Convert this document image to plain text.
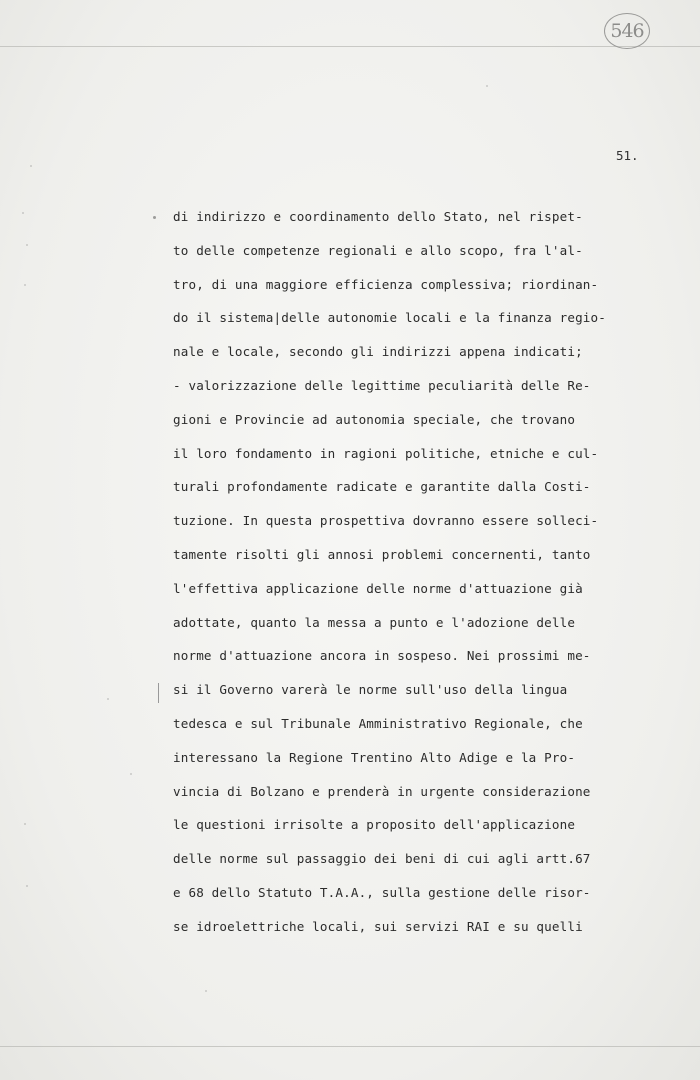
546
51.
di indirizzo e coordinamento dello Stato, nel rispet-
to delle competenze regionali e allo scopo, fra l'al-
tro, di una maggiore efficienza complessiva; riordinan-
do il sistema|delle autonomie locali e la finanza regio-
nale e locale, secondo gli indirizzi appena indicati;
- valorizzazione delle legittime peculiarità delle Re-
gioni e Provincie ad autonomia speciale, che trovano
il loro fondamento in ragioni politiche, etniche e cul-
turali profondamente radicate e garantite dalla Costi-
tuzione. In questa prospettiva dovranno essere solleci-
tamente risolti gli annosi problemi concernenti, tanto
l'effettiva applicazione delle norme d'attuazione già
adottate, quanto la messa a punto e l'adozione delle
norme d'attuazione ancora in sospeso. Nei prossimi me-
si il Governo varerà le norme sull'uso della lingua
tedesca e sul Tribunale Amministrativo Regionale, che
interessano la Regione Trentino Alto Adige e la Pro-
vincia di Bolzano e prenderà in urgente considerazione
le questioni irrisolte a proposito dell'applicazione
delle norme sul passaggio dei beni di cui agli artt.67
e 68 dello Statuto T.A.A., sulla gestione delle risor-
se idroelettriche locali, sui servizi RAI e su quelli
